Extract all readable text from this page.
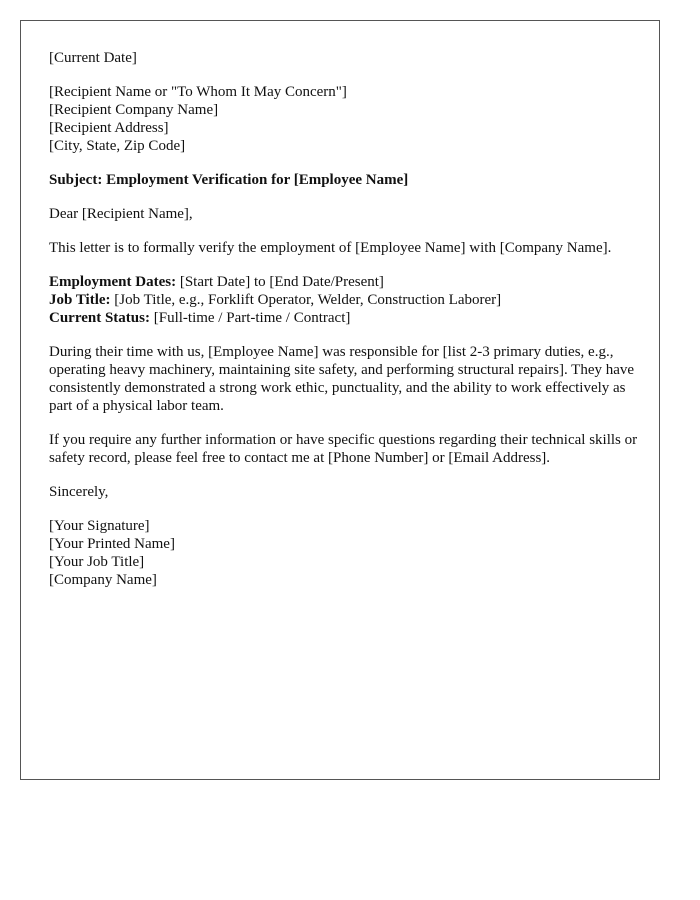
[Current Date]
[Recipient Name or "To Whom It May Concern"]
[Recipient Company Name]
[Recipient Address]
[City, State, Zip Code]
Subject: Employment Verification for [Employee Name]
Dear [Recipient Name],
This letter is to formally verify the employment of [Employee Name] with [Company Name].
Employment Dates: [Start Date] to [End Date/Present]
Job Title: [Job Title, e.g., Forklift Operator, Welder, Construction Laborer]
Current Status: [Full-time / Part-time / Contract]
During their time with us, [Employee Name] was responsible for [list 2-3 primary duties, e.g., operating heavy machinery, maintaining site safety, and performing structural repairs]. They have consistently demonstrated a strong work ethic, punctuality, and the ability to work effectively as part of a physical labor team.
If you require any further information or have specific questions regarding their technical skills or safety record, please feel free to contact me at [Phone Number] or [Email Address].
Sincerely,
[Your Signature]
[Your Printed Name]
[Your Job Title]
[Company Name]
